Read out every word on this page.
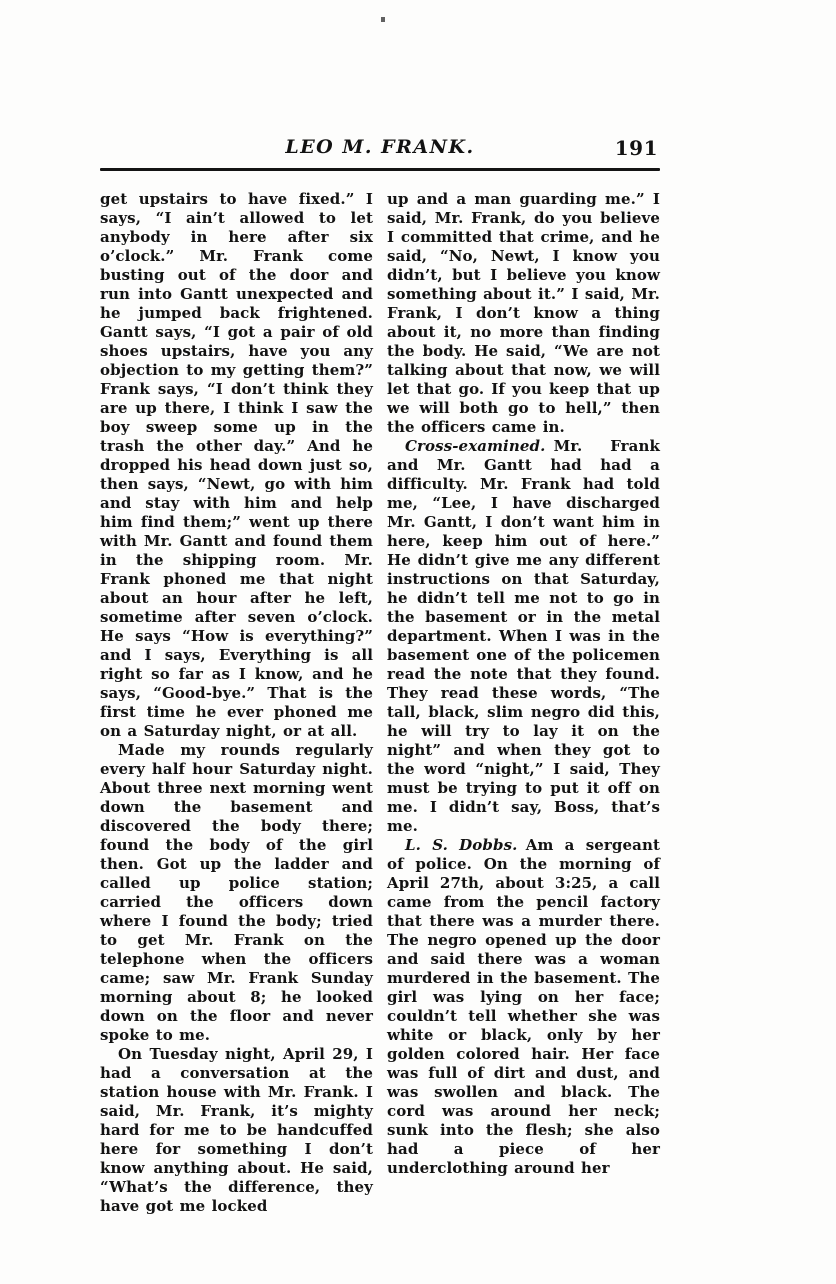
LEO M. FRANK.	191

get upstairs to have fixed.” I says, “I ain’t allowed to let anybody in here after six o’clock.” Mr. Frank come busting out of the door and run into Gantt unexpected and he jumped back frightened. Gantt says, “I got a pair of old shoes upstairs, have you any objection to my getting them?” Frank says, “I don’t think they are up there, I think I saw the boy sweep some up in the trash the other day.” And he dropped his head down just so, then says, “Newt, go with him and stay with him and help him find them;” went up there with Mr. Gantt and found them in the shipping room. Mr. Frank phoned me that night about an hour after he left, sometime after seven o’clock. He says “How is everything?” and I says, Everything is all right so far as I know, and he says, “Good-bye.” That is the first time he ever phoned me on a Saturday night, or at all.

Made my rounds regularly every half hour Saturday night. About three next morning went down the basement and discovered the body there; found the body of the girl then. Got up the ladder and called up police station; carried the officers down where I found the body; tried to get Mr. Frank on the telephone when the officers came; saw Mr. Frank Sunday morning about 8; he looked down on the floor and never spoke to me.

On Tuesday night, April 29, I had a conversation at the station house with Mr. Frank. I said, Mr. Frank, it’s mighty hard for me to be handcuffed here for something I don’t know anything about. He said, “What’s the difference, they have got me locked

up and a man guarding me.” I said, Mr. Frank, do you believe I committed that crime, and he said, “No, Newt, I know you didn’t, but I believe you know something about it.” I said, Mr. Frank, I don’t know a thing about it, no more than finding the body. He said, “We are not talking about that now, we will let that go. If you keep that up we will both go to hell,” then the officers came in.

Cross-examined. Mr. Frank and Mr. Gantt had had a difficulty. Mr. Frank had told me, “Lee, I have discharged Mr. Gantt, I don’t want him in here, keep him out of here.” He didn’t give me any different instructions on that Saturday, he didn’t tell me not to go in the basement or in the metal department. When I was in the basement one of the policemen read the note that they found. They read these words, “The tall, black, slim negro did this, he will try to lay it on the night” and when they got to the word “night,” I said, They must be trying to put it off on me. I didn’t say, Boss, that’s me.

L. S. Dobbs. Am a sergeant of police. On the morning of April 27th, about 3:25, a call came from the pencil factory that there was a murder there. The negro opened up the door and said there was a woman murdered in the basement. The girl was lying on her face; couldn’t tell whether she was white or black, only by her golden colored hair. Her face was full of dirt and dust, and was swollen and black. The cord was around her neck; sunk into the flesh; she also had a piece of her underclothing around her
